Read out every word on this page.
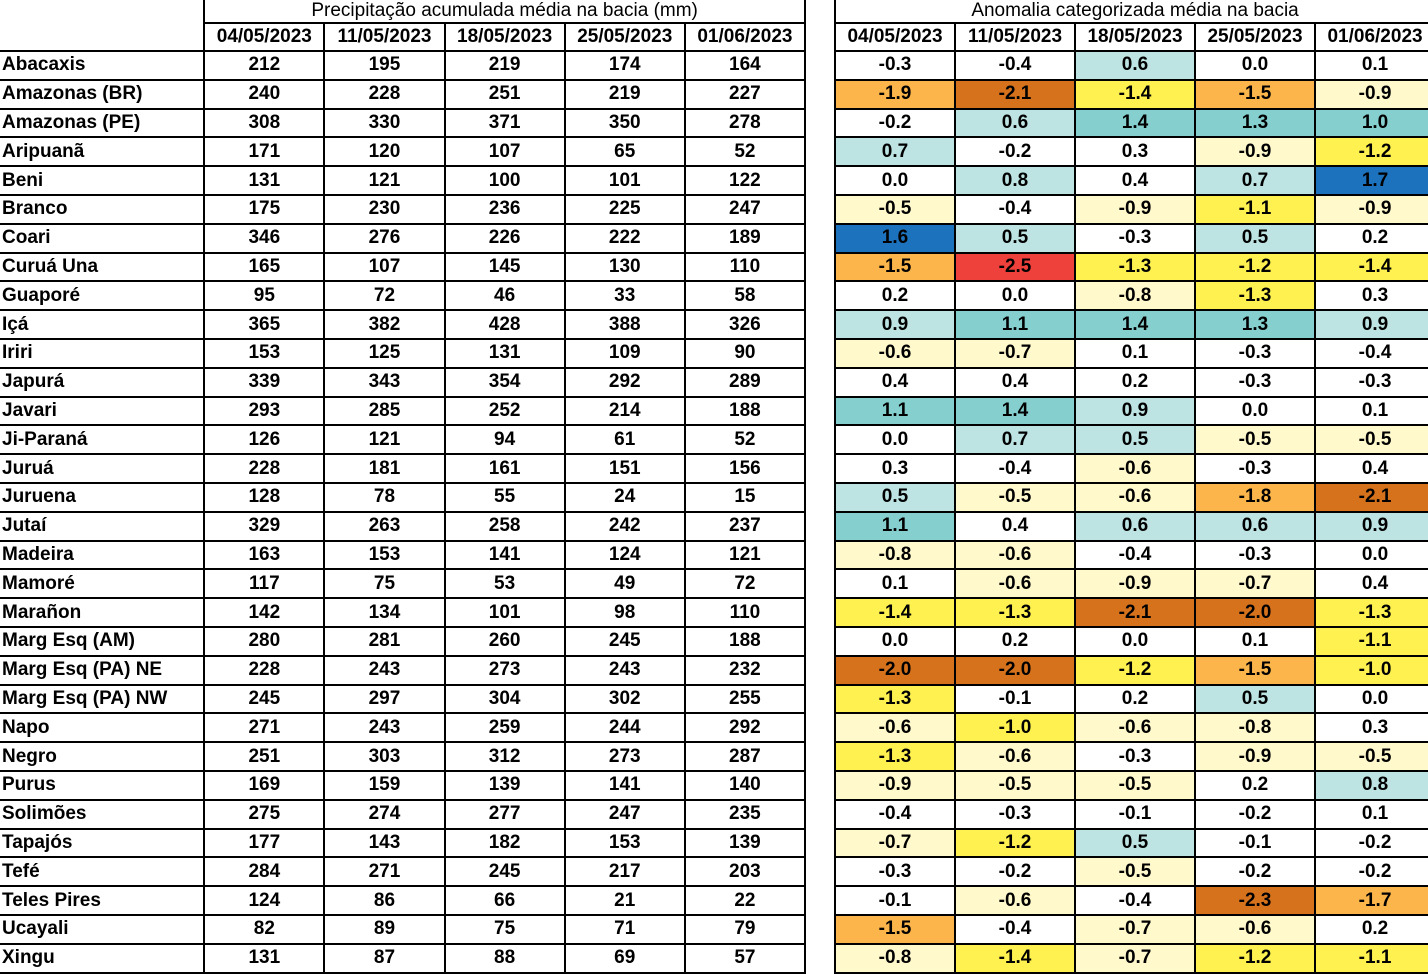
	Precipitação acumulada média na bacia (mm)				
	04/05/2023	11/05/2023	18/05/2023	25/05/2023	01/06/2023
Abacaxis	212	195	219	174	164
Amazonas (BR)	240	228	251	219	227
Amazonas (PE)	308	330	371	350	278
Aripuanã	171	120	107	65	52
Beni	131	121	100	101	122
Branco	175	230	236	225	247
Coari	346	276	226	222	189
Curuá Una	165	107	145	130	110
Guaporé	95	72	46	33	58
Içá	365	382	428	388	326
Iriri	153	125	131	109	90
Japurá	339	343	354	292	289
Javari	293	285	252	214	188
Ji-Paraná	126	121	94	61	52
Juruá	228	181	161	151	156
Juruena	128	78	55	24	15
Jutaí	329	263	258	242	237
Madeira	163	153	141	124	121
Mamoré	117	75	53	49	72
Marañon	142	134	101	98	110
Marg Esq (AM)	280	281	260	245	188
Marg Esq (PA) NE	228	243	273	243	232
Marg Esq (PA) NW	245	297	304	302	255
Napo	271	243	259	244	292
Negro	251	303	312	273	287
Purus	169	159	139	141	140
Solimões	275	274	277	247	235
Tapajós	177	143	182	153	139
Tefé	284	271	245	217	203
Teles Pires	124	86	66	21	22
Ucayali	82	89	75	71	79
Xingu	131	87	88	69	57
Anomalia categorizada média na bacia				
04/05/2023	11/05/2023	18/05/2023	25/05/2023	01/06/2023
-0.3	-0.4	0.6	0.0	0.1
-1.9	-2.1	-1.4	-1.5	-0.9
-0.2	0.6	1.4	1.3	1.0
0.7	-0.2	0.3	-0.9	-1.2
0.0	0.8	0.4	0.7	1.7
-0.5	-0.4	-0.9	-1.1	-0.9
1.6	0.5	-0.3	0.5	0.2
-1.5	-2.5	-1.3	-1.2	-1.4
0.2	0.0	-0.8	-1.3	0.3
0.9	1.1	1.4	1.3	0.9
-0.6	-0.7	0.1	-0.3	-0.4
0.4	0.4	0.2	-0.3	-0.3
1.1	1.4	0.9	0.0	0.1
0.0	0.7	0.5	-0.5	-0.5
0.3	-0.4	-0.6	-0.3	0.4
0.5	-0.5	-0.6	-1.8	-2.1
1.1	0.4	0.6	0.6	0.9
-0.8	-0.6	-0.4	-0.3	0.0
0.1	-0.6	-0.9	-0.7	0.4
-1.4	-1.3	-2.1	-2.0	-1.3
0.0	0.2	0.0	0.1	-1.1
-2.0	-2.0	-1.2	-1.5	-1.0
-1.3	-0.1	0.2	0.5	0.0
-0.6	-1.0	-0.6	-0.8	0.3
-1.3	-0.6	-0.3	-0.9	-0.5
-0.9	-0.5	-0.5	0.2	0.8
-0.4	-0.3	-0.1	-0.2	0.1
-0.7	-1.2	0.5	-0.1	-0.2
-0.3	-0.2	-0.5	-0.2	-0.2
-0.1	-0.6	-0.4	-2.3	-1.7
-1.5	-0.4	-0.7	-0.6	0.2
-0.8	-1.4	-0.7	-1.2	-1.1
